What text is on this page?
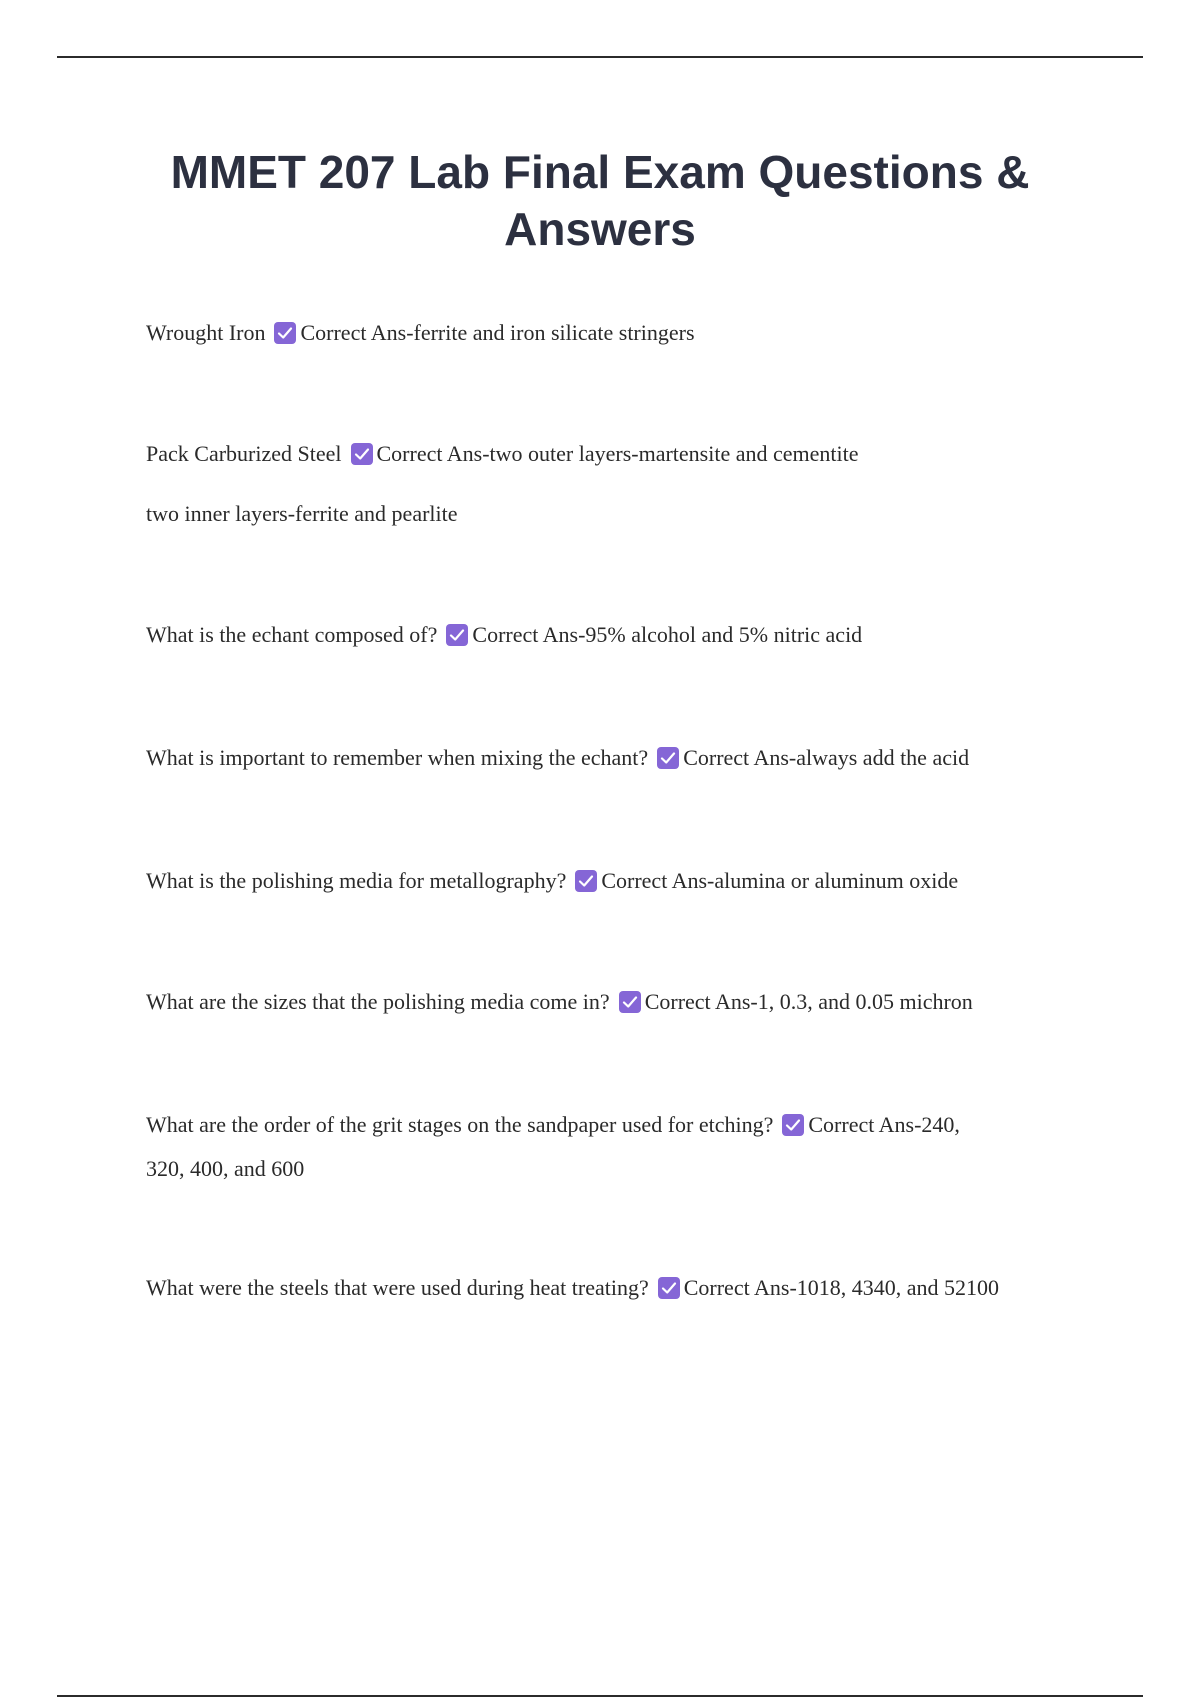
MMET 207 Lab Final Exam Questions & Answers

Wrought Iron Correct Ans-ferrite and iron silicate stringers

Pack Carburized Steel Correct Ans-two outer layers-martensite and cementite
two inner layers-ferrite and pearlite

What is the echant composed of? Correct Ans-95% alcohol and 5% nitric acid

What is important to remember when mixing the echant? Correct Ans-always add the acid

What is the polishing media for metallography? Correct Ans-alumina or aluminum oxide

What are the sizes that the polishing media come in? Correct Ans-1, 0.3, and 0.05 michron

What are the order of the grit stages on the sandpaper used for etching? Correct Ans-240,
320, 400, and 600

What were the steels that were used during heat treating? Correct Ans-1018, 4340, and 52100
